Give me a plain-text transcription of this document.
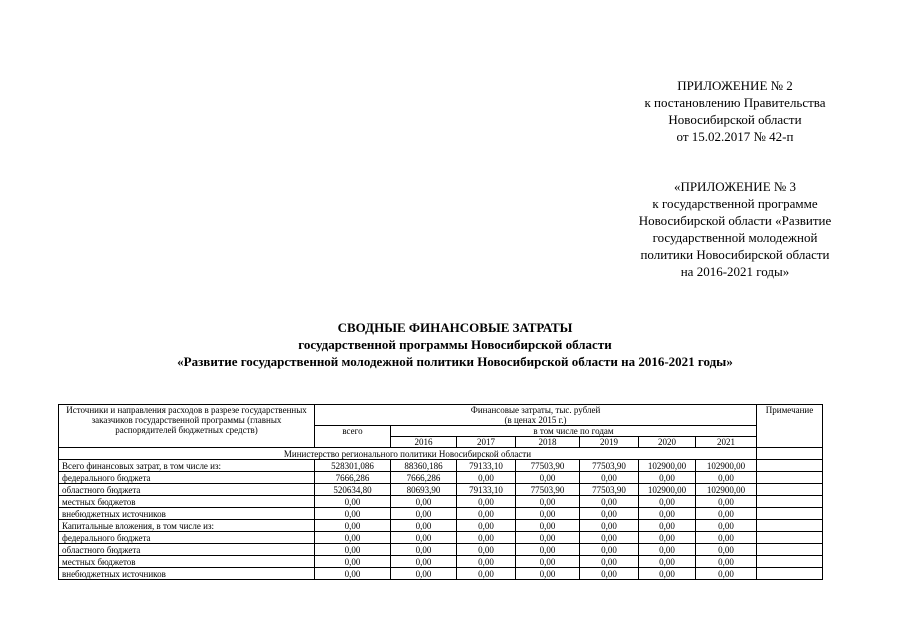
ПРИЛОЖЕНИЕ № 2
к постановлению Правительства
Новосибирской области
от 15.02.2017 № 42-п
«ПРИЛОЖЕНИЕ № 3
к государственной программе
Новосибирской области «Развитие
государственной молодежной
политики Новосибирской области
на 2016-2021 годы»
СВОДНЫЕ ФИНАНСОВЫЕ ЗАТРАТЫ
государственной программы Новосибирской области
«Развитие государственной молодежной политики Новосибирской области на 2016-2021 годы»
Источники и направления расходов в разрезе государственных заказчиков государственной программы (главных распорядителей бюджетных средств)	Финансовые затраты, тыс. рублей
(в ценах 2015 г.)							Примечание
	всего	в том числе по годам						
		2016	2017	2018	2019	2020	2021	
Министерство регионального политики Новосибирской области								
Всего финансовых затрат, в том числе из:	528301,086	88360,186	79133,10	77503,90	77503,90	102900,00	102900,00	
федерального бюджета	7666,286	7666,286	0,00	0,00	0,00	0,00	0,00	
областного бюджета	520634,80	80693,90	79133,10	77503,90	77503,90	102900,00	102900,00	
местных бюджетов	0,00	0,00	0,00	0,00	0,00	0,00	0,00	
внебюджетных источников	0,00	0,00	0,00	0,00	0,00	0,00	0,00	
Капитальные вложения, в том числе из:	0,00	0,00	0,00	0,00	0,00	0,00	0,00	
федерального бюджета	0,00	0,00	0,00	0,00	0,00	0,00	0,00	
областного бюджета	0,00	0,00	0,00	0,00	0,00	0,00	0,00	
местных бюджетов	0,00	0,00	0,00	0,00	0,00	0,00	0,00	
внебюджетных источников	0,00	0,00	0,00	0,00	0,00	0,00	0,00	
